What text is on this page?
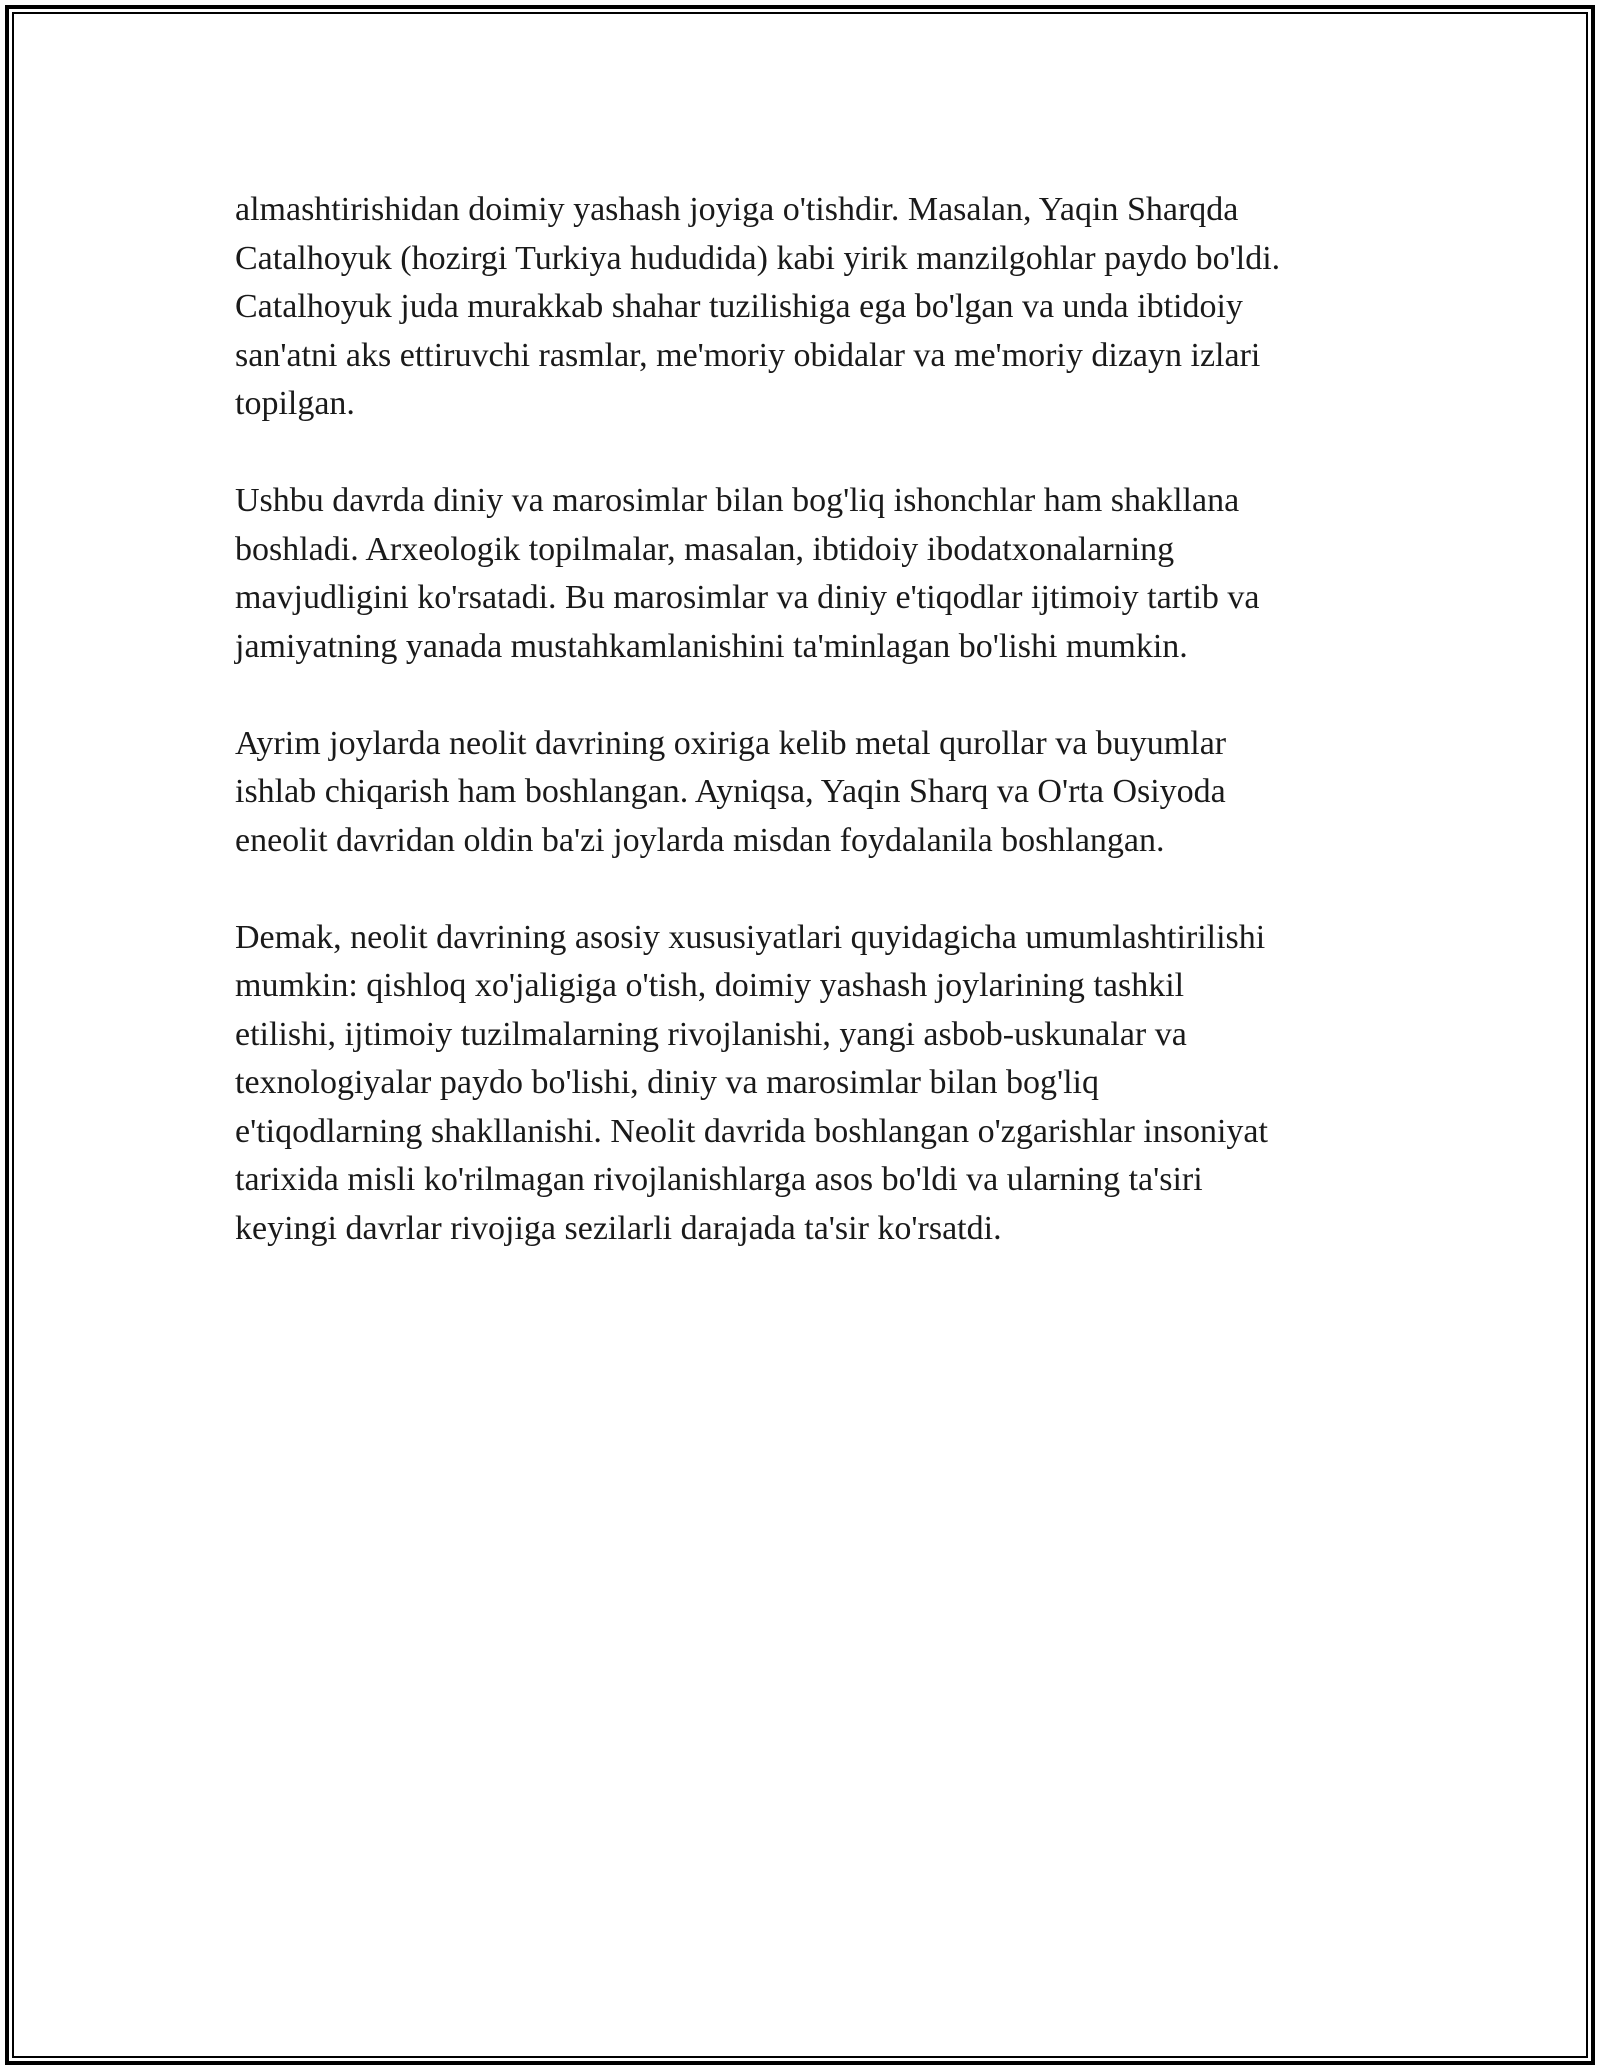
almashtirishidan doimiy yashash joyiga o'tishdir. Masalan, Yaqin Sharqda
Catalhoyuk (hozirgi Turkiya hududida) kabi yirik manzilgohlar paydo bo'ldi.
Catalhoyuk juda murakkab shahar tuzilishiga ega bo'lgan va unda ibtidoiy
san'atni aks ettiruvchi rasmlar, me'moriy obidalar va me'moriy dizayn izlari
topilgan.

Ushbu davrda diniy va marosimlar bilan bog'liq ishonchlar ham shakllana
boshladi. Arxeologik topilmalar, masalan, ibtidoiy ibodatxonalarning
mavjudligini ko'rsatadi. Bu marosimlar va diniy e'tiqodlar ijtimoiy tartib va
jamiyatning yanada mustahkamlanishini ta'minlagan bo'lishi mumkin.

Ayrim joylarda neolit davrining oxiriga kelib metal qurollar va buyumlar
ishlab chiqarish ham boshlangan. Ayniqsa, Yaqin Sharq va O'rta Osiyoda
eneolit davridan oldin ba'zi joylarda misdan foydalanila boshlangan.

Demak, neolit davrining asosiy xususiyatlari quyidagicha umumlashtirilishi
mumkin: qishloq xo'jaligiga o'tish, doimiy yashash joylarining tashkil
etilishi, ijtimoiy tuzilmalarning rivojlanishi, yangi asbob-uskunalar va
texnologiyalar paydo bo'lishi, diniy va marosimlar bilan bog'liq
e'tiqodlarning shakllanishi. Neolit davrida boshlangan o'zgarishlar insoniyat
tarixida misli ko'rilmagan rivojlanishlarga asos bo'ldi va ularning ta'siri
keyingi davrlar rivojiga sezilarli darajada ta'sir ko'rsatdi.
